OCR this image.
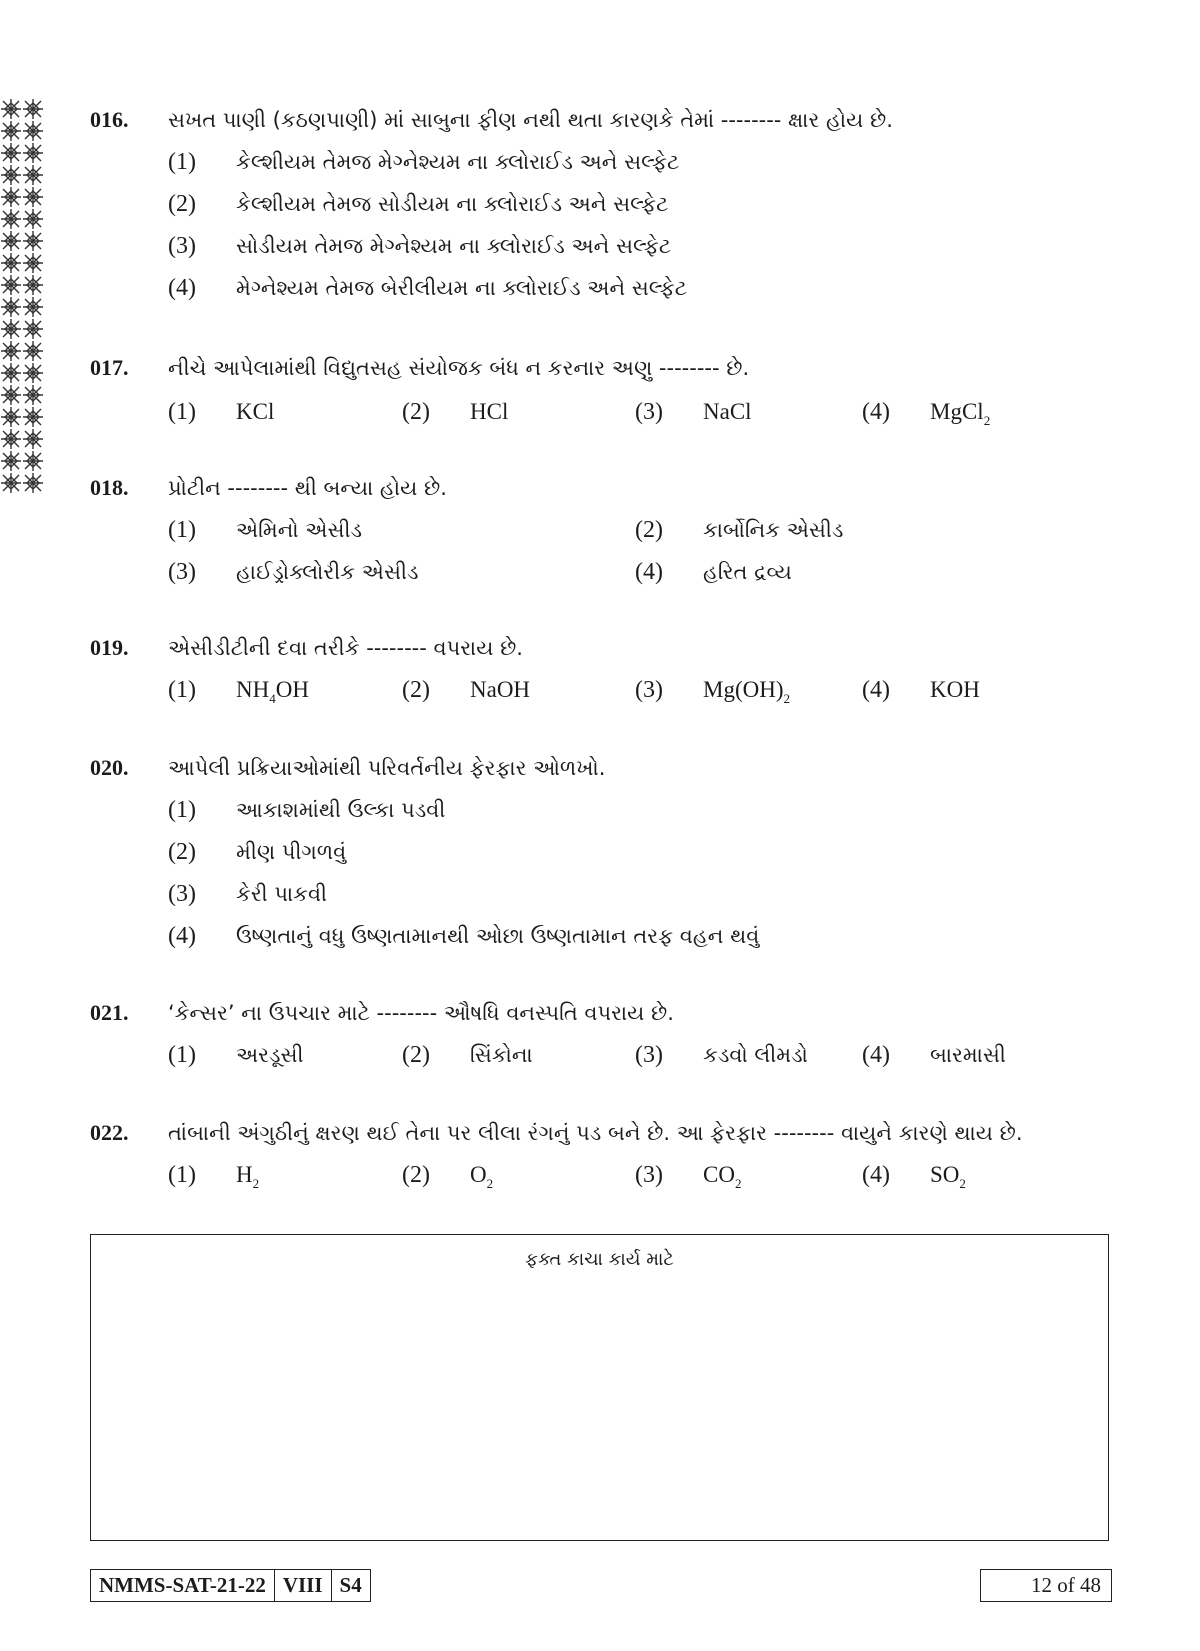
016. સખત પાણી (કઠણપાણી) માં સાબુના ફીણ નથી થતા કારણકે તેમાં -------- ક્ષાર હોય છે.
(1) કેલ્શીયમ તેમજ મેગ્નેશ્યમ ના ક્લોરાઈડ અને સલ્ફેટ
(2) કેલ્શીયમ તેમજ સોડીયમ ના ક્લોરાઈડ અને સલ્ફેટ
(3) સોડીયમ તેમજ મેગ્નેશ્યમ ના ક્લોરાઈડ અને સલ્ફેટ
(4) મેગ્નેશ્યમ તેમજ બેરીલીયમ ના ક્લોરાઈડ અને સલ્ફેટ
017. નીચે આપેલામાંથી વિદ્યુતસહ સંયોજક બંધ ન કરનાર અણુ -------- છે.
(1) KCl	(2) HCl	(3) NaCl	(4) MgCl$_2$
018. પ્રોટીન -------- થી બન્યા હોય છે.
(1) એમિનો એસીડ	(2) કાર્બોનિક એસીડ
(3) હાઈડ્રોક્લોરીક એસીડ	(4) હરિત દ્રવ્ય
019. એસીડીટીની દવા તરીકે -------- વપરાય છે.
(1) $NH_4OH$	(2) NaOH	(3) $Mg(OH)_2$	(4) KOH
020. આપેલી પ્રક્રિયાઓમાંથી પરિવર્તનીય ફેરફાર ઓળખો.
(1) આકાશમાંથી ઉલ્કા પડવી
(2) મીણ પીગળવું
(3) કેરી પાકવી
(4) ઉષ્ણતાનું વધુ ઉષ્ણતામાનથી ઓછા ઉષ્ણતામાન તરફ વહન થવું
021. ‘કેન્સર’ ના ઉપચાર માટે -------- ઔષધિ વનસ્પતિ વપરાય છે.
(1) અરડૂસી	(2) સિંકોના	(3) કડવો લીમડો (4) બારમાસી
022. તાંબાની અંગુઠીનું ક્ષરણ થઈ તેના પર લીલા રંગનું પડ બને છે. આ ફેરફાર -------- વાયુને કારણે થાય છે.
(1) $H_2$	(2) $O_2$	(3) $CO_2$	(4) $SO_2$
ફક્ત કાચા કાર્ય માટે
NMMS-SAT-21-22 VIII S4	12 of 48
